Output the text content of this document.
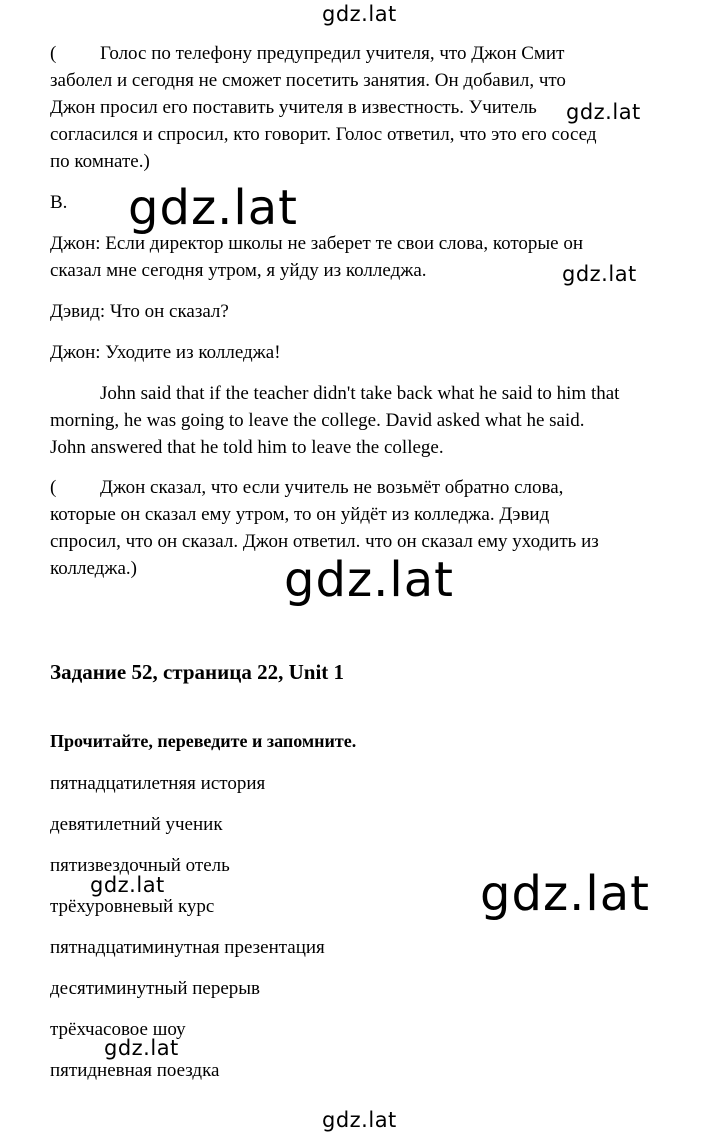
gdz.lat
gdz.lat
gdz.lat
gdz.lat
gdz.lat
gdz.lat	gdz.lat
gdz.lat
gdz.lat

( Голос по телефону предупредил учителя, что Джон Смит

заболел и сегодня не сможет посетить занятия. Он добавил, что

Джон просил его поставить учителя в известность. Учитель

согласился и спросил, кто говорит. Голос ответил, что это его сосед

по комнате.)

B.

Джон: Если директор школы не заберет те свои слова, которые он

сказал мне сегодня утром, я уйду из колледжа.

Дэвид: Что он сказал?
Джон: Уходите из колледжа!

John said that if the teacher didn't take back what he said to him that

morning, he was going to leave the college. David asked what he said.

John answered that he told him to leave the college.

( Джон сказал, что если учитель не возьмёт обратно слова,

которые он сказал ему утром, то он уйдёт из колледжа. Дэвид

спросил, что он сказал. Джон ответил. что он сказал ему уходить из

колледжа.)

Задание 52, страница 22, Unit 1
Прочитайте, переведите и запомните.
пятнадцатилетняя история
девятилетний ученик
пятизвездочный отель
трёхуровневый курс
пятнадцатиминутная презентация
десятиминутный перерыв
трёхчасовое шоу
пятидневная поездка
